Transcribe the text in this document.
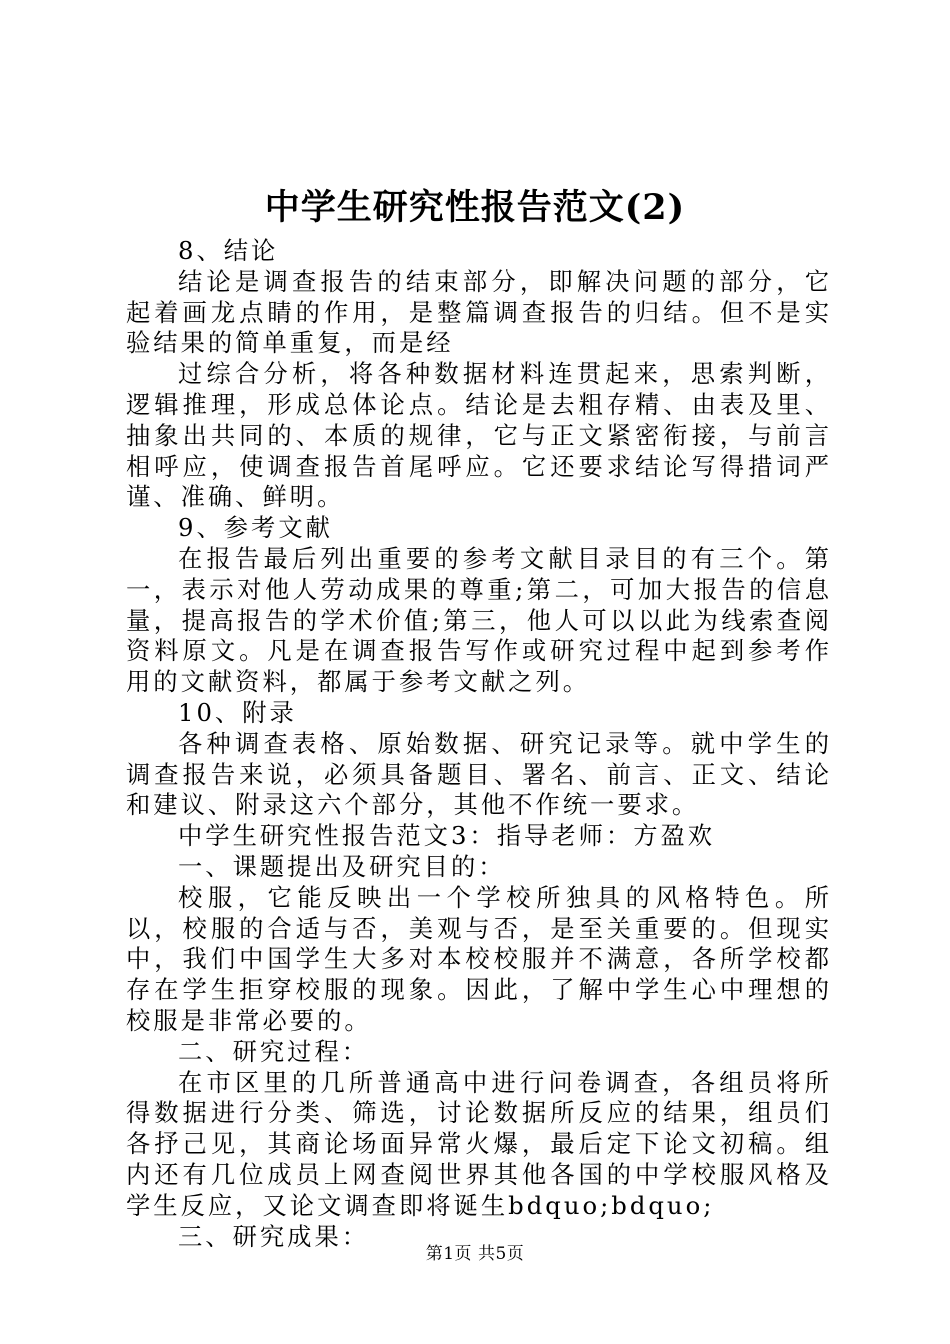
中学生研究性报告范文(2)

8、结论

结论是调查报告的结束部分，即解决问题的部分，它起着画龙点睛的作用，是整篇调查报告的归结。但不是实验结果的简单重复，而是经

过综合分析，将各种数据材料连贯起来，思索判断，逻辑推理，形成总体论点。结论是去粗存精、由表及里、抽象出共同的、本质的规律，它与正文紧密衔接，与前言相呼应，使调查报告首尾呼应。它还要求结论写得措词严谨、准确、鲜明。

9、参考文献

在报告最后列出重要的参考文献目录目的有三个。第一，表示对他人劳动成果的尊重;第二，可加大报告的信息量，提高报告的学术价值;第三，他人可以以此为线索查阅资料原文。凡是在调查报告写作或研究过程中起到参考作用的文献资料，都属于参考文献之列。

10、附录

各种调查表格、原始数据、研究记录等。就中学生的调查报告来说，必须具备题目、署名、前言、正文、结论和建议、附录这六个部分，其他不作统一要求。

中学生研究性报告范文3：指导老师：方盈欢

一、课题提出及研究目的：

校服，它能反映出一个学校所独具的风格特色。所以，校服的合适与否，美观与否，是至关重要的。但现实中，我们中国学生大多对本校校服并不满意，各所学校都存在学生拒穿校服的现象。因此，了解中学生心中理想的校服是非常必要的。

二、研究过程：

在市区里的几所普通高中进行问卷调查，各组员将所得数据进行分类、筛选，讨论数据所反应的结果，组员们各抒己见，其商论场面异常火爆，最后定下论文初稿。组内还有几位成员上网查阅世界其他各国的中学校服风格及学生反应，又论文调查即将诞生bdquo;bdquo;

三、研究成果：

第1页 共5页
